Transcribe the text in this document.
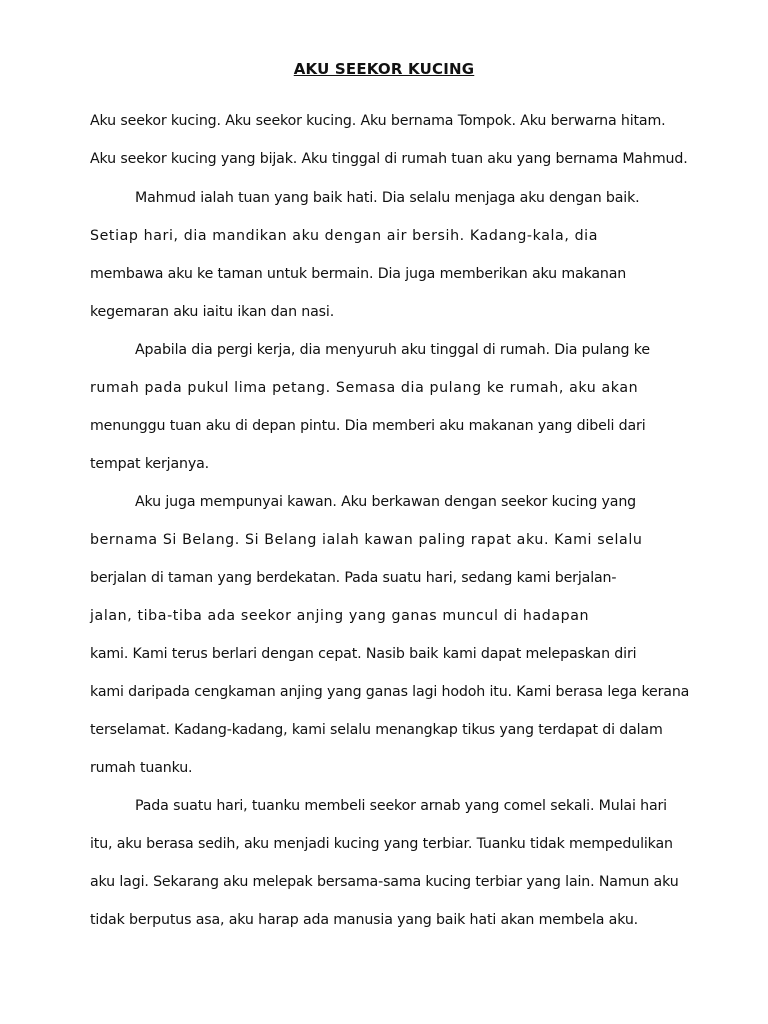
AKU SEEKOR KUCING
Aku seekor kucing. Aku seekor kucing. Aku bernama Tompok. Aku berwarna hitam.
Aku seekor kucing yang bijak. Aku tinggal di rumah tuan aku yang bernama Mahmud.
Mahmud ialah tuan yang baik hati. Dia selalu menjaga aku dengan baik.
Setiap hari, dia mandikan aku dengan air bersih. Kadang-kala, dia
membawa aku ke taman untuk bermain. Dia juga memberikan aku makanan
kegemaran aku iaitu ikan dan nasi.
Apabila dia pergi kerja, dia menyuruh aku tinggal di rumah. Dia pulang ke
rumah pada pukul lima petang. Semasa dia pulang ke rumah, aku akan
menunggu tuan aku di depan pintu. Dia memberi aku makanan yang dibeli dari
tempat kerjanya.
Aku juga mempunyai kawan. Aku berkawan dengan seekor kucing yang
bernama Si Belang. Si Belang ialah kawan paling rapat aku. Kami selalu
berjalan di taman yang berdekatan. Pada suatu hari, sedang kami berjalan-
jalan, tiba-tiba ada seekor anjing yang ganas muncul di hadapan
kami. Kami terus berlari dengan cepat. Nasib baik kami dapat melepaskan diri
kami daripada cengkaman anjing yang ganas lagi hodoh itu. Kami berasa lega kerana
terselamat. Kadang-kadang, kami selalu menangkap tikus yang terdapat di dalam
rumah tuanku.
Pada suatu hari, tuanku membeli seekor arnab yang comel sekali. Mulai hari
itu, aku berasa sedih, aku menjadi kucing yang terbiar. Tuanku tidak mempedulikan
aku lagi. Sekarang aku melepak bersama-sama kucing terbiar yang lain. Namun aku
tidak berputus asa, aku harap ada manusia yang baik hati akan membela aku.
